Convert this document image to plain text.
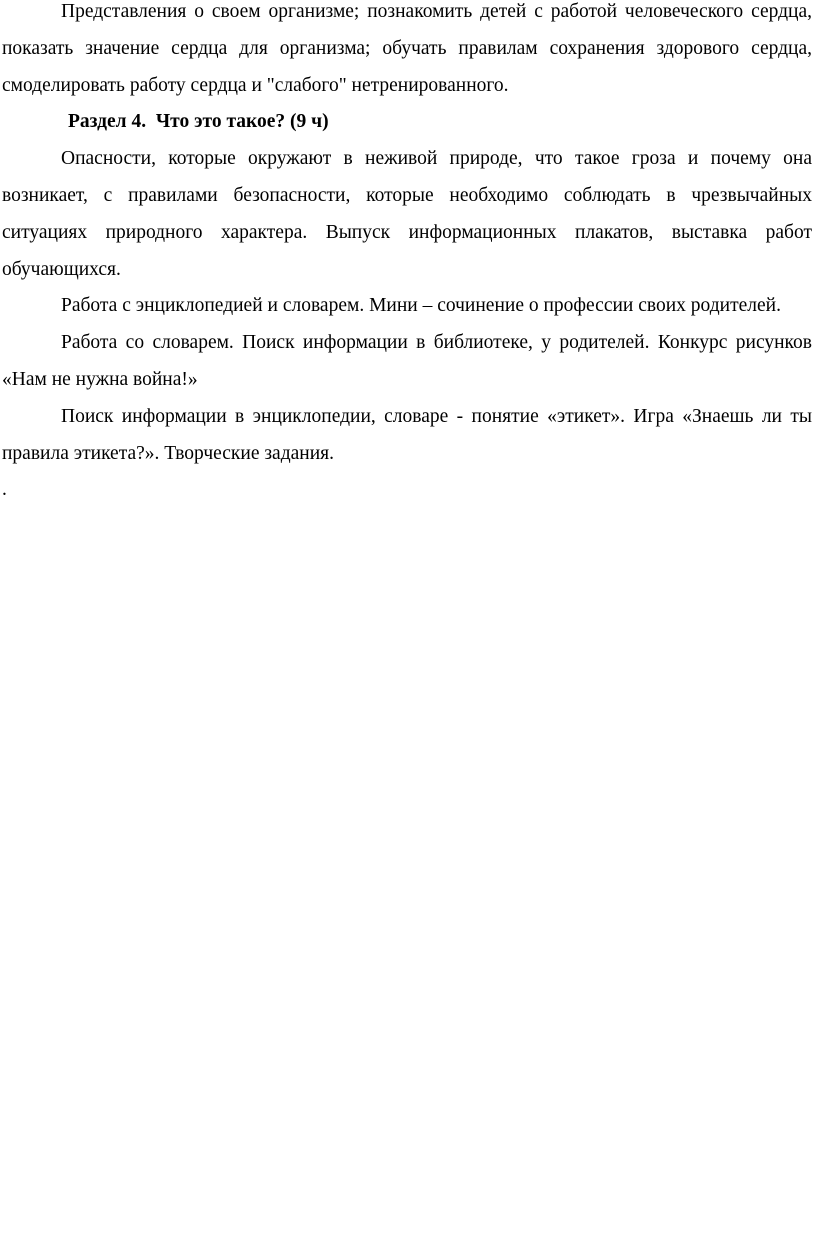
Представления о своем организме; познакомить детей с работой человеческого сердца, показать значение сердца для организма; обучать правилам сохранения здорового сердца, смоделировать работу сердца и "слабого" нетренированного.

Раздел 4.  Что это такое? (9 ч)

Опасности, которые окружают в неживой природе, что такое гроза и почему она возникает, с правилами безопасности, которые необходимо соблюдать в чрезвычайных ситуациях природного характера. Выпуск информационных плакатов, выставка работ обучающихся.

Работа с энциклопедией и словарем. Мини – сочинение о профессии своих родителей.

Работа со словарем. Поиск информации в библиотеке, у родителей. Конкурс рисунков «Нам не нужна война!»

Поиск информации в энциклопедии, словаре - понятие «этикет». Игра «Знаешь ли ты правила этикета?». Творческие задания.

.
